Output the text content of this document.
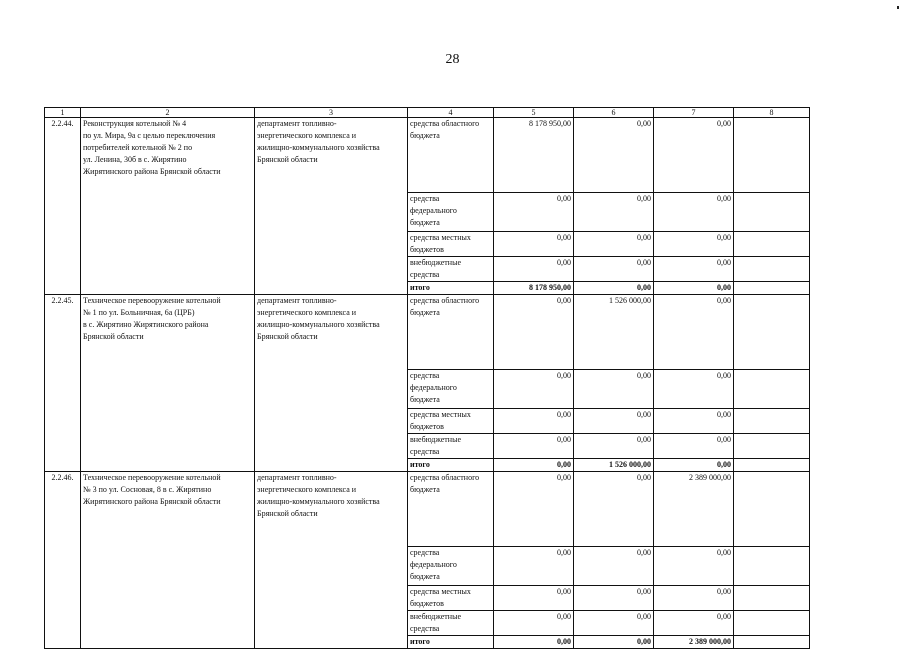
28
1	2	3	4	5	6	7	8
2.2.44.	Реконструкция котельной № 4
по ул. Мира, 9а с целью переключения
потребителей котельной № 2 по
ул. Ленина, 30б в с. Жирятино
Жирятинского района Брянской области	департамент топливно-
энергетического комплекса и
жилищно-коммунального хозяйства
Брянской области	средства областного
бюджета	8 178 950,00	0,00	0,00	
			средства
федерального
бюджета	0,00	0,00	0,00	
			средства местных
бюджетов	0,00	0,00	0,00	
			внебюджетные
средства	0,00	0,00	0,00	
			итого	8 178 950,00	0,00	0,00	
2.2.45.	Техническое перевооружение котельной
№ 1 по ул. Больничная, 6а (ЦРБ)
в с. Жирятино Жирятинского района
Брянской области	департамент топливно-
энергетического комплекса и
жилищно-коммунального хозяйства
Брянской области	средства областного
бюджета	0,00	1 526 000,00	0,00	
			средства
федерального
бюджета	0,00	0,00	0,00	
			средства местных
бюджетов	0,00	0,00	0,00	
			внебюджетные
средства	0,00	0,00	0,00	
			итого	0,00	1 526 000,00	0,00	
2.2.46.	Техническое перевооружение котельной
№ 3 по ул. Сосновая, 8 в с. Жирятино
Жирятинского района Брянской области	департамент топливно-
энергетического комплекса и
жилищно-коммунального хозяйства
Брянской области	средства областного
бюджета	0,00	0,00	2 389 000,00	
			средства
федерального
бюджета	0,00	0,00	0,00	
			средства местных
бюджетов	0,00	0,00	0,00	
			внебюджетные
средства	0,00	0,00	0,00	
			итого	0,00	0,00	2 389 000,00	
